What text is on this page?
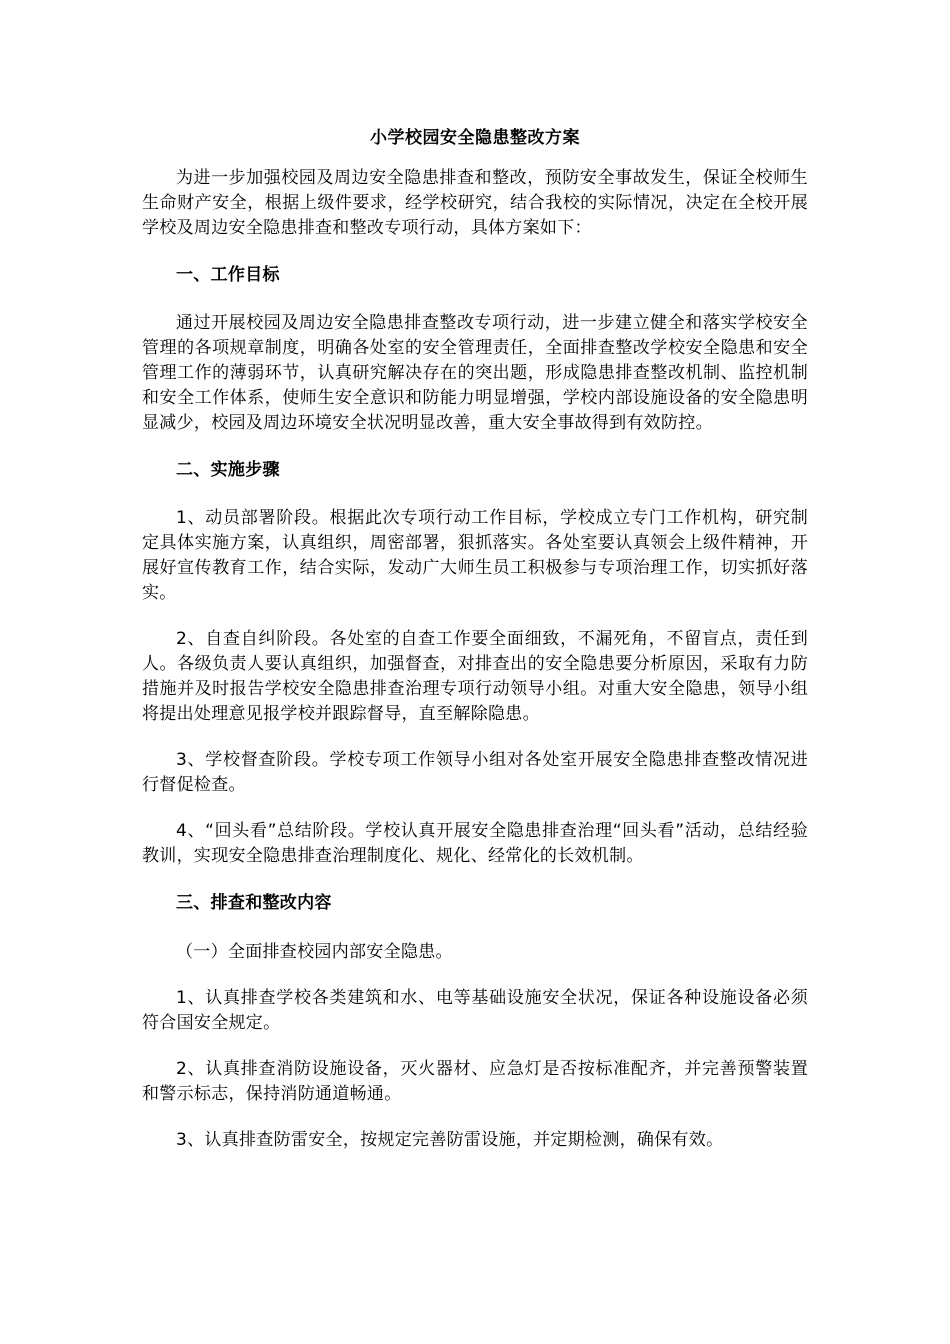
小学校园安全隐患整改方案

为进一步加强校园及周边安全隐患排查和整改，预防安全事故发生，保证全校师生生命财产安全，根据上级件要求，经学校研究，结合我校的实际情况，决定在全校开展学校及周边安全隐患排查和整改专项行动，具体方案如下：

一、工作目标

通过开展校园及周边安全隐患排查整改专项行动，进一步建立健全和落实学校安全管理的各项规章制度，明确各处室的安全管理责任，全面排查整改学校安全隐患和安全管理工作的薄弱环节，认真研究解决存在的突出题，形成隐患排查整改机制、监控机制和安全工作体系，使师生安全意识和防能力明显增强，学校内部设施设备的安全隐患明显减少，校园及周边环境安全状况明显改善，重大安全事故得到有效防控。

二、实施步骤

1、动员部署阶段。根据此次专项行动工作目标，学校成立专门工作机构，研究制定具体实施方案，认真组织，周密部署，狠抓落实。各处室要认真领会上级件精神，开展好宣传教育工作，结合实际，发动广大师生员工积极参与专项治理工作，切实抓好落实。

2、自查自纠阶段。各处室的自查工作要全面细致，不漏死角，不留盲点，责任到人。各级负责人要认真组织，加强督查，对排查出的安全隐患要分析原因，采取有力防措施并及时报告学校安全隐患排查治理专项行动领导小组。对重大安全隐患，领导小组将提出处理意见报学校并跟踪督导，直至解除隐患。

3、学校督查阶段。学校专项工作领导小组对各处室开展安全隐患排查整改情况进行督促检查。

4、“回头看”总结阶段。学校认真开展安全隐患排查治理“回头看”活动，总结经验教训，实现安全隐患排查治理制度化、规化、经常化的长效机制。

三、排查和整改内容
（一）全面排查校园内部安全隐患。

1、认真排查学校各类建筑和水、电等基础设施安全状况，保证各种设施设备必须符合国安全规定。

2、认真排查消防设施设备，灭火器材、应急灯是否按标准配齐，并完善预警装置和警示标志，保持消防通道畅通。

3、认真排查防雷安全，按规定完善防雷设施，并定期检测，确保有效。
